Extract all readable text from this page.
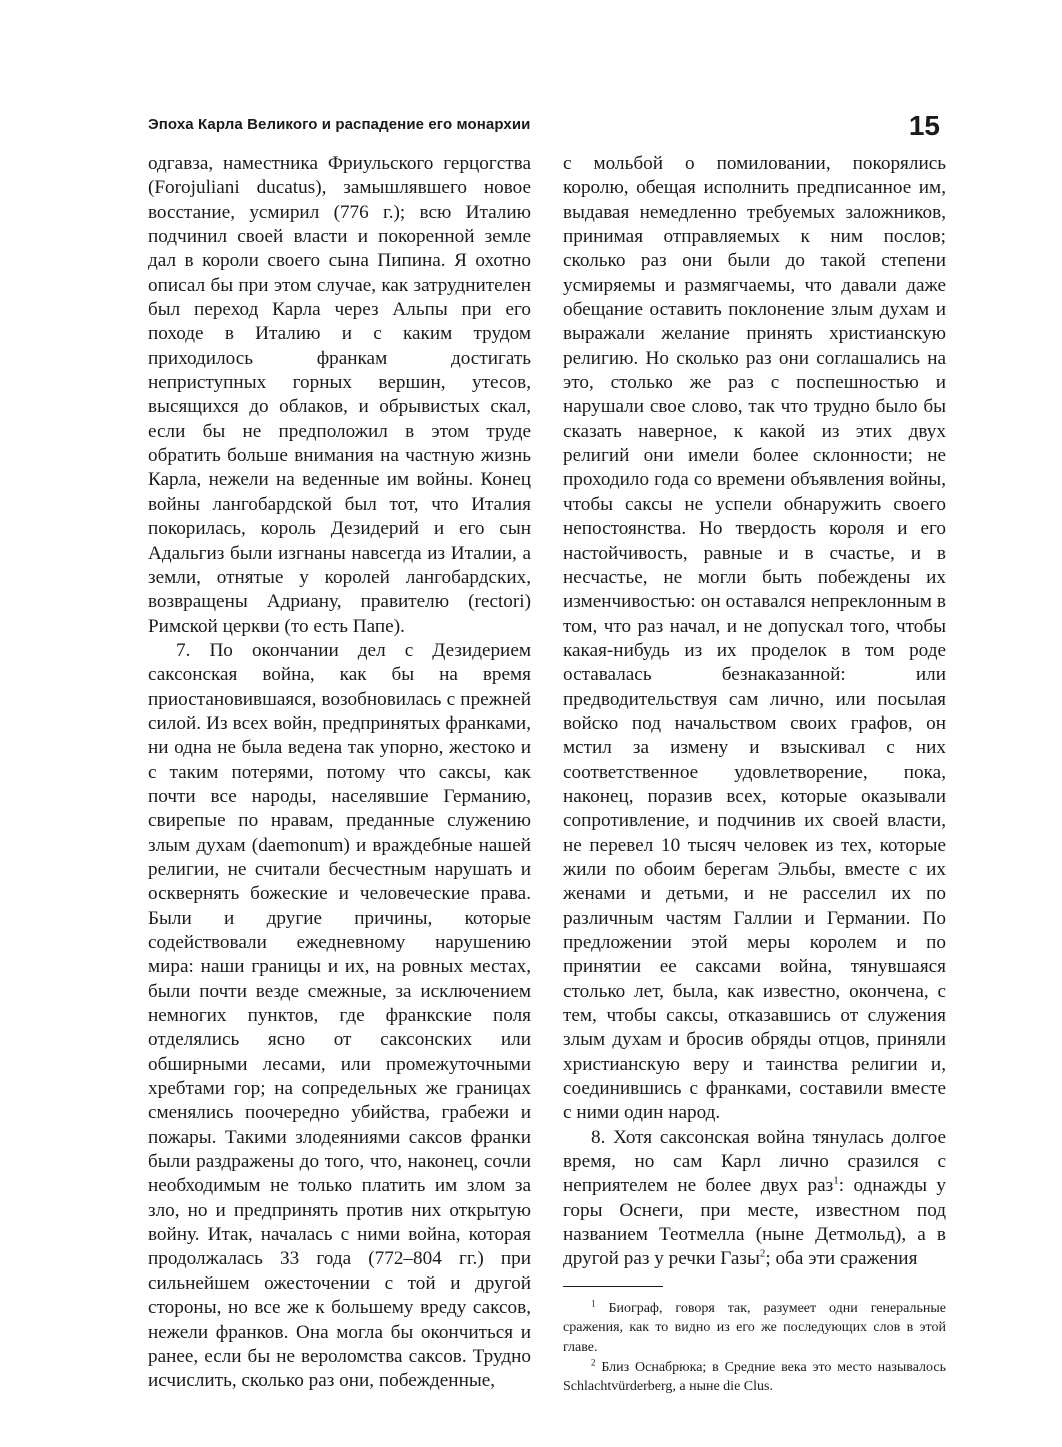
Эпоха Карла Великого и распадение его монархии	15

одгавза, наместника Фриульского герцогства (Forojuliani ducatus), замышлявшего новое восстание, усмирил (776 г.); всю Италию подчинил своей власти и покоренной земле дал в короли своего сына Пипина. Я охотно описал бы при этом случае, как затруднителен был переход Карла через Альпы при его походе в Италию и с каким трудом приходилось франкам достигать неприступных горных вершин, утесов, высящихся до облаков, и обрывистых скал, если бы не предположил в этом труде обратить больше внимания на частную жизнь Карла, нежели на веденные им войны. Конец войны лангобардской был тот, что Италия покорилась, король Дезидерий и его сын Адальгиз были изгнаны навсегда из Италии, а земли, отнятые у королей лангобардских, возвращены Адриану, правителю (rectori) Римской церкви (то есть Папе).

7. По окончании дел с Дезидерием саксонская война, как бы на время приостановившаяся, возобновилась с прежней силой. Из всех войн, предпринятых франками, ни одна не была ведена так упорно, жестоко и с таким потерями, потому что саксы, как почти все народы, населявшие Германию, свирепые по нравам, преданные служению злым духам (daemonum) и враждебные нашей религии, не считали бесчестным нарушать и осквернять божеские и человеческие права. Были и другие причины, которые содействовали ежедневному нарушению мира: наши границы и их, на ровных местах, были почти везде смежные, за исключением немногих пунктов, где франкские поля отделялись ясно от саксонских или обширными лесами, или промежуточными хребтами гор; на сопредельных же границах сменялись поочередно убийства, грабежи и пожары. Такими злодеяниями саксов франки были раздражены до того, что, наконец, сочли необходимым не только платить им злом за зло, но и предпринять против них открытую войну. Итак, началась с ними война, которая продолжалась 33 года (772–804 гг.) при сильнейшем ожесточении с той и другой стороны, но все же к большему вреду саксов, нежели франков. Она могла бы окончиться и ранее, если бы не вероломства саксов. Трудно исчислить, сколько раз они, побежденные,

с мольбой о помиловании, покорялись королю, обещая исполнить предписанное им, выдавая немедленно требуемых заложников, принимая отправляемых к ним послов; сколько раз они были до такой степени усмиряемы и размягчаемы, что давали даже обещание оставить поклонение злым духам и выражали желание принять христианскую религию. Но сколько раз они соглашались на это, столько же раз с поспешностью и нарушали свое слово, так что трудно было бы сказать наверное, к какой из этих двух религий они имели более склонности; не проходило года со времени объявления войны, чтобы саксы не успели обнаружить своего непостоянства. Но твердость короля и его настойчивость, равные и в счастье, и в несчастье, не могли быть побеждены их изменчивостью: он оставался непреклонным в том, что раз начал, и не допускал того, чтобы какая-нибудь из их проделок в том роде оставалась безнаказанной: или предводительствуя сам лично, или посылая войско под начальством своих графов, он мстил за измену и взыскивал с них соответственное удовлетворение, пока, наконец, поразив всех, которые оказывали сопротивление, и подчинив их своей власти, не перевел 10 тысяч человек из тех, которые жили по обоим берегам Эльбы, вместе с их женами и детьми, и не расселил их по различным частям Галлии и Германии. По предложении этой меры королем и по принятии ее саксами война, тянувшаяся столько лет, была, как известно, окончена, с тем, чтобы саксы, отказавшись от служения злым духам и бросив обряды отцов, приняли христианскую веру и таинства религии и, соединившись с франками, составили вместе с ними один народ.

8. Хотя саксонская война тянулась долгое время, но сам Карл лично сразился с неприятелем не более двух раз$^1$: однажды у горы Оснеги, при месте, известном под названием Теотмелла (ныне Детмольд), а в другой раз у речки Газы$^2$; оба эти сражения

$^1$ Биограф, говоря так, разумеет одни генеральные сражения, как то видно из его же последующих слов в этой главе.

$^2$ Близ Оснабрюка; в Средние века это место называлось Schlachtvürderberg, а ныне die Clus.
